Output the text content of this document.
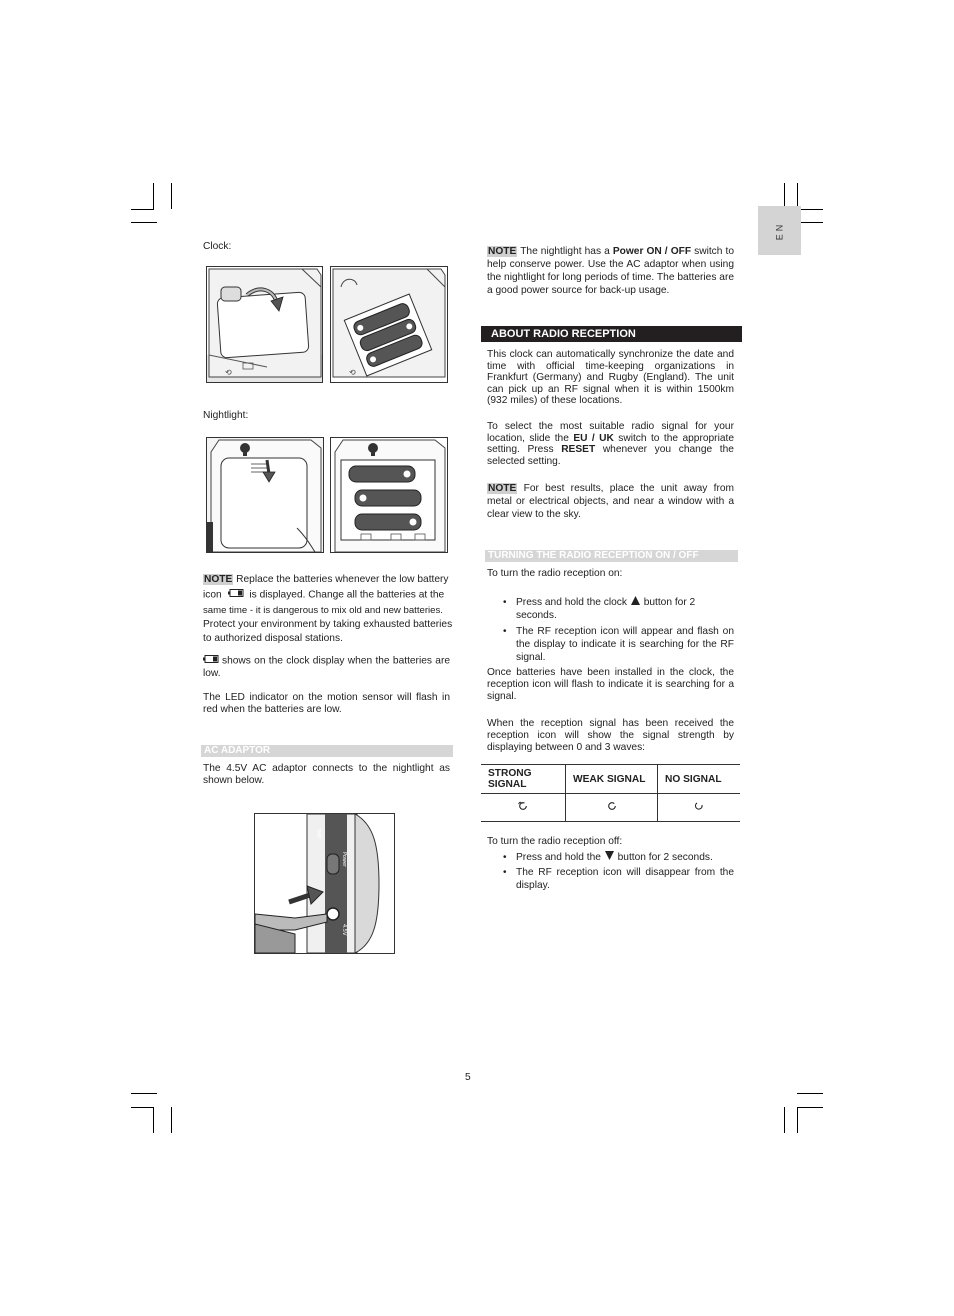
EN
Clock:
⟲	⟲
Nightlight:
NOTE Replace the batteries whenever the low battery
icon	is displayed. Change all the batteries at the
same time - it is dangerous to mix old and new batteries.
Protect your environment by taking exhausted batteries
to authorized disposal stations.
shows on the clock display when the batteries are low.
The LED indicator on the motion sensor will flash in red when the batteries are low.
AC ADAPTOR
The 4.5V AC adaptor connects to the nightlight as shown below.
TMP
Power
4.5V
NOTE The nightlight has a Power ON / OFF switch to help conserve power. Use the AC adaptor when using the nightlight for long periods of time. The batteries are a good power source for back-up usage.
ABOUT RADIO RECEPTION
This clock can automatically synchronize the date and time with official time-keeping organizations in Frankfurt (Germany) and Rugby (England). The unit can pick up an RF signal when it is within 1500km (932 miles) of these locations.
To select the most suitable radio signal for your location, slide the EU / UK switch to the appropriate setting. Press RESET whenever you change the selected setting.
NOTE For best results, place the unit away from metal or electrical objects, and near a window with a clear view to the sky.
TURNING THE RADIO RECEPTION ON / OFF
To turn the radio reception on:
• Press and hold the clock button for 2 seconds.
• The RF reception icon will appear and flash on the display to indicate it is searching for the RF signal.
Once batteries have been installed in the clock, the reception icon will flash to indicate it is searching for a signal.
When the reception signal has been received the reception icon will show the signal strength by displaying between 0 and 3 waves:
STRONG SIGNAL	WEAK SIGNAL	NO SIGNAL

To turn the radio reception off:
• Press and hold the button for 2 seconds.
• The RF reception icon will disappear from the display.
5
